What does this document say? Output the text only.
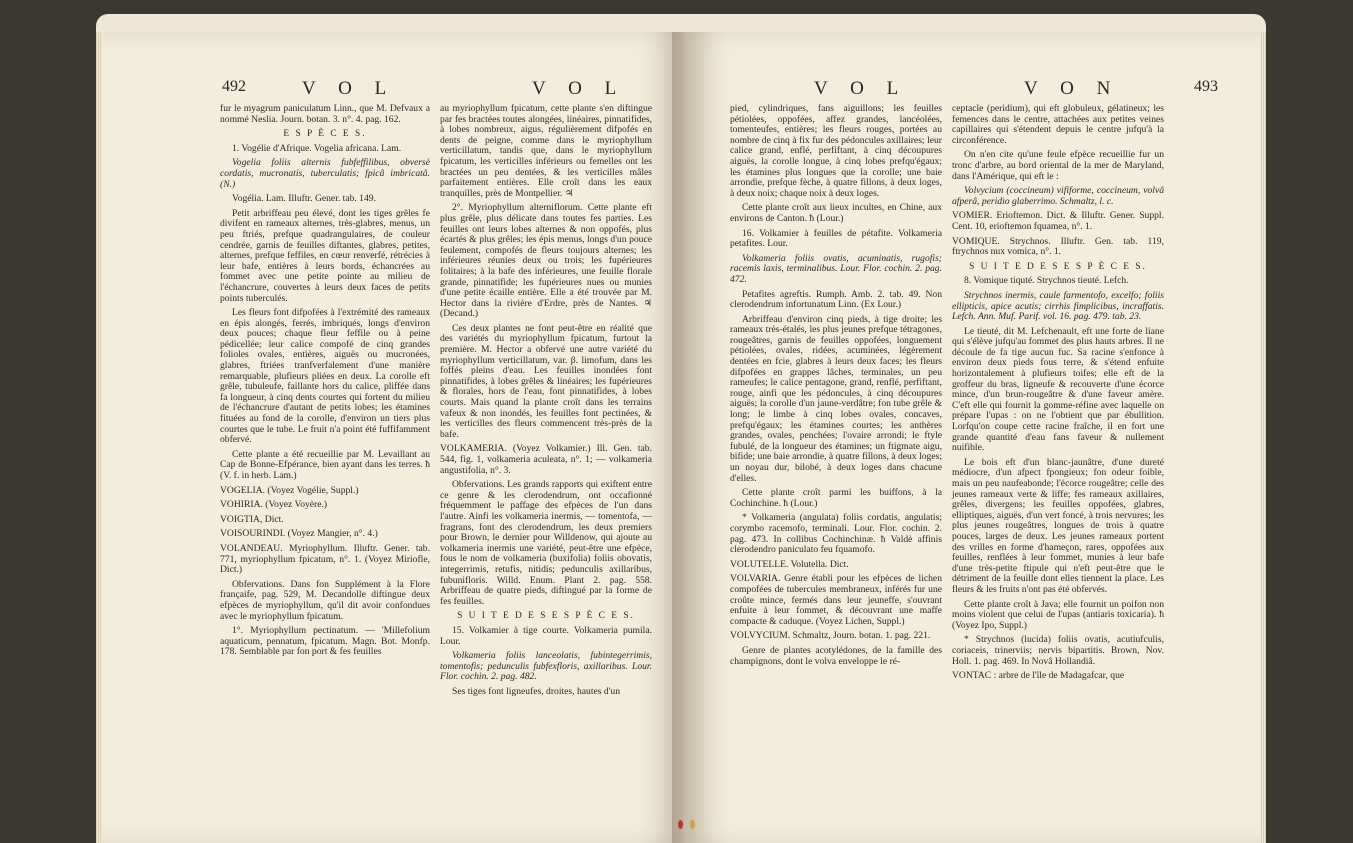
492	V O L	V O L

fur le myagrum paniculatum Linn., que M. Defvaux a nommé Neslia. Journ. botan. 3. n°. 4. pag. 162.

E S P È C E S.

1. Vogélie d'Afrique. Vogelia africana. Lam.

Vogelia foliis alternis fubfeffilibus, obversè cordatis, mucronatis, tuberculatis; fpicâ imbricatâ. (N.)

Vogélia. Lam. Illuftr. Gener. tab. 149.

Petit arbriffeau peu élevé, dont les tiges grêles fe divifent en rameaux alternes, très-glabres, menus, un peu ftriés, prefque quadrangulaires, de couleur cendrée, garnis de feuilles diftantes, glabres, petites, alternes, prefque feffiles, en cœur renverfé, rétrécies à leur bafe, entières à leurs bords, échancrées au fommet avec une petite pointe au milieu de l'échancrure, couvertes à leurs deux faces de petits points tuberculés.

Les fleurs font difpofées à l'extrémité des rameaux en épis alongés, ferrés, imbriqués, longs d'environ deux pouces; chaque fleur feffile ou à peine pédicellée; leur calice compofé de cinq grandes folioles ovales, entières, aiguës ou mucronées, glabres, ftriées tranfverfalement d'une manière remarquable, plufieurs pliées en deux. La corolle eft grêle, tubuleufe, faillante hors du calice, pliffée dans fa longueur, à cinq dents courtes qui fortent du milieu de l'échancrure d'autant de petits lobes; les étamines fituées au fond de la corolle, d'environ un tiers plus courtes que le tube. Le fruit n'a point été fuffifamment obfervé.

Cette plante a été recueillie par M. Levaillant au Cap de Bonne-Efpérance, bien ayant dans les terres. ħ (V. f. in herb. Lam.)

VOGELIA. (Voyez Vogélie, Suppl.)

VOHIRIA. (Voyez Voyère.)

VOIGTIA, Dict.

VOISOURINDI. (Voyez Mangier, n°. 4.)

VOLANDEAU. Myriophyllum. Illuftr. Gener. tab. 771, myriophyllum fpicatum, n°. 1. (Voyez Miriofle, Dict.)

Obfervations. Dans fon Supplément à la Flore françaife, pag. 529, M. Decandolle diftingue deux efpèces de myriophyllum, qu'il dit avoir confondues avec le myriophyllum fpicatum.

1°. Myriophyllum pectinatum. — 'Millefolium aquaticum, pennatum, fpicatum. Magn. Bot. Monfp. 178. Semblable par fon port & fes feuilles

au myriophyllum fpicatum, cette plante s'en diftingue par fes bractées toutes alongées, linéaires, pinnatifides, à lobes nombreux, aigus, régulièrement difpofés en dents de peigne, comme dans le myriophyllum verticillatum, tandis que, dans le myriophyllum fpicatum, les verticilles inférieurs ou femelles ont les bractées un peu dentées, & les verticilles mâles parfaitement entières. Elle croît dans les eaux tranquilles, près de Montpellier. ♃

2°. Myriophyllum alterniflorum. Cette plante eft plus grêle, plus délicate dans toutes fes parties. Les feuilles ont leurs lobes alternes & non oppofés, plus écartés & plus grêles; les épis menus, longs d'un pouce feulement, compofés de fleurs toujours alternes; les inférieures réunies deux ou trois; les fupérieures folitaires; à la bafe des inférieures, une feuille florale grande, pinnatifide; les fupérieures nues ou munies d'une petite écaille entière. Elle a été trouvée par M. Hector dans la rivière d'Erdre, près de Nantes. ♃ (Decand.)

Ces deux plantes ne font peut-être en réalité que des variétés du myriophyllum fpicatum, furtout la première. M. Hector a obfervé une autre variété du myriophyllum verticillatum, var. β. limofum, dans les foffés pleins d'eau. Les feuilles inondées font pinnatifides, à lobes grêles & linéaires; les fupérieures & florales, hors de l'eau, font pinnatifides, à lobes courts. Mais quand la plante croît dans les terrains vafeux & non inondés, les feuilles font pectinées, & les verticilles des fleurs commencent très-près de la bafe.

VOLKAMERIA. (Voyez Volkamier.) Ill. Gen. tab. 544, fig. 1, volkameria aculeata, n°. 1; — volkameria angustifolia, n°. 3.

Obfervations. Les grands rapports qui exiftent entre ce genre & les clerodendrum, ont occafionné fréquemment le paffage des efpèces de l'un dans l'autre. Ainfi les volkameria inermis, — tomentofa, — fragrans, font des clerodendrum, les deux premiers pour Brown, le dernier pour Willdenow, qui ajoute au volkameria inermis une variété, peut-être une efpèce, fous le nom de volkameria (buxifolia) foliis obovatis, integerrimis, retufis, nitidis; pedunculis axillaribus, fubunifloris. Willd. Enum. Plant 2. pag. 558. Arbriffeau de quatre pieds, diftingué par la forme de fes feuilles.

S U I T E D E S E S P È C E S.

15. Volkamier à tige courte. Volkameria pumila. Lour.

Volkameria foliis lanceolatis, fubintegerrimis, tomentofis; pedunculis fubfexfloris, axillaribus. Lour. Flor. cochin. 2. pag. 482.

Ses tiges font ligneufes, droites, hautes d'un

V O L	V O N	493

pied, cylindriques, fans aiguillons; les feuilles pétiolées, oppofées, affez grandes, lancéolées, tomenteufes, entières; les fleurs rouges, portées au nombre de cinq à fix fur des pédoncules axillaires; leur calice grand, enflé, perfiftant, à cinq découpures aiguës, la corolle longue, à cinq lobes prefqu'égaux; les étamines plus longues que la corolle; une baie arrondie, prefque fèche, à quatre fillons, à deux loges, à deux noix; chaque noix à deux loges.

Cette plante croît aux lieux incultes, en Chine, aux environs de Canton. ħ (Lour.)

16. Volkamier à feuilles de pétafite. Volkameria petafites. Lour.

Volkameria foliis ovatis, acuminatis, rugofis; racemis laxis, terminalibus. Lour. Flor. cochin. 2. pag. 472.

Petafites agreftis. Rumph. Amb. 2. tab. 49. Non clerodendrum infortunatum Linn. (Ex Lour.)

Arbriffeau d'environ cinq pieds, à tige droite; les rameaux très-étalés, les plus jeunes prefque tétragones, rougeâtres, garnis de feuilles oppofées, longuement pétiolées, ovales, ridées, acuminées, légèrement dentées en fcie, glabres à leurs deux faces; les fleurs difpofées en grappes lâches, terminales, un peu rameufes; le calice pentagone, grand, renflé, perfiftant, rouge, ainfi que les pédoncules, à cinq découpures aiguës; la corolle d'un jaune-verdâtre; fon tube grêle & long; le limbe à cinq lobes ovales, concaves, prefqu'égaux; les étamines courtes; les anthères grandes, ovales, penchées; l'ovaire arrondi; le ftyle fubulé, de la longueur des étamines; un ftigmate aigu, bifide; une baie arrondie, à quatre fillons, à deux loges; un noyau dur, bilobé, à deux loges dans chacune d'elles.

Cette plante croît parmi les buiffons, à la Cochinchine. ħ (Lour.)

* Volkameria (angulata) foliis cordatis, angulatis; corymbo racemofo, terminali. Lour. Flor. cochin. 2. pag. 473. In collibus Cochinchinæ. ħ Valdè affinis clerodendro paniculato feu fquamofo.

VOLUTELLE. Volutella. Dict.

VOLVARIA. Genre établi pour les efpèces de lichen compofées de tubercules membraneux, inférés fur une croûte mince, fermés dans leur jeuneffe, s'ouvrant enfuite à leur fommet, & découvrant une maffe compacte & caduque. (Voyez Lichen, Suppl.)

VOLVYCIUM. Schmaltz, Journ. botan. 1. pag. 221.

Genre de plantes acotylédones, de la famille des champignons, dont le volva enveloppe le ré-

ceptacle (peridium), qui eft globuleux, gélatineux; les femences dans le centre, attachées aux petites veines capillaires qui s'étendent depuis le centre jufqu'à la circonférence.

On n'en cite qu'une feule efpèce recueillie fur un tronc d'arbre, au bord oriental de la mer de Maryland, dans l'Amérique, qui eft le :

Volvycium (coccineum) vififorme, coccineum, volvâ afperâ, peridio glaberrimo. Schmaltz, l. c.

VOMIER. Erioftemon. Dict. & Illuftr. Gener. Suppl. Cent. 10, erioftemon fquamea, n°. 1.

VOMIQUE. Strychnos. Illuftr. Gen. tab. 119, ftrychnos nux vomica, n°. 1.

S U I T E D E S E S P È C E S.

8. Vomique tiquté. Strychnos tieuté. Lefch.

Strychnos inermis, caule farmentofo, excelfo; foliis ellipticis, apice acutis; cirrhis fimplicibus, incraffatis. Lefch. Ann. Muf. Parif. vol. 16. pag. 479. tab. 23.

Le tieuté, dit M. Lefchenault, eft une forte de liane qui s'élève jufqu'au fommet des plus hauts arbres. Il ne découle de fa tige aucun fuc. Sa racine s'enfonce à environ deux pieds fous terre, & s'étend enfuite horizontalement à plufieurs toifes; elle eft de la groffeur du bras, ligneufe & recouverte d'une écorce mince, d'un brun-rougeâtre & d'une faveur amère. C'eft elle qui fournit la gomme-réfine avec laquelle on prépare l'upas : on ne l'obtient que par ébullition. Lorfqu'on coupe cette racine fraîche, il en fort une grande quantité d'eau fans faveur & nullement nuifible.

Le bois eft d'un blanc-jaunâtre, d'une dureté médiocre, d'un afpect fpongieux; fon odeur foible, mais un peu naufeabonde; l'écorce rougeâtre; celle des jeunes rameaux verte & liffe; fes rameaux axillaires, grêles, divergens; les feuilles oppofées, glabres, elliptiques, aiguës, d'un vert foncé, à trois nervures; les plus jeunes rougeâtres, longues de trois à quatre pouces, larges de deux. Les jeunes rameaux portent des vrilles en forme d'hameçon, rares, oppofées aux feuilles, renflées à leur fommet, munies à leur bafe d'une très-petite ftipule qui n'eft peut-être que le détriment de la feuille dont elles tiennent la place. Les fleurs & les fruits n'ont pas été obfervés.

Cette plante croît à Java; elle fournit un poifon non moins violent que celui de l'upas (antiaris toxicaria). ħ (Voyez Ipo, Suppl.)

* Strychnos (lucida) foliis ovatis, acutiufculis, coriaceis, trinerviis; nervis bipartitis. Brown, Nov. Holl. 1. pag. 469. In Novâ Hollandiâ.

VONTAC : arbre de l'île de Madagafcar, que
